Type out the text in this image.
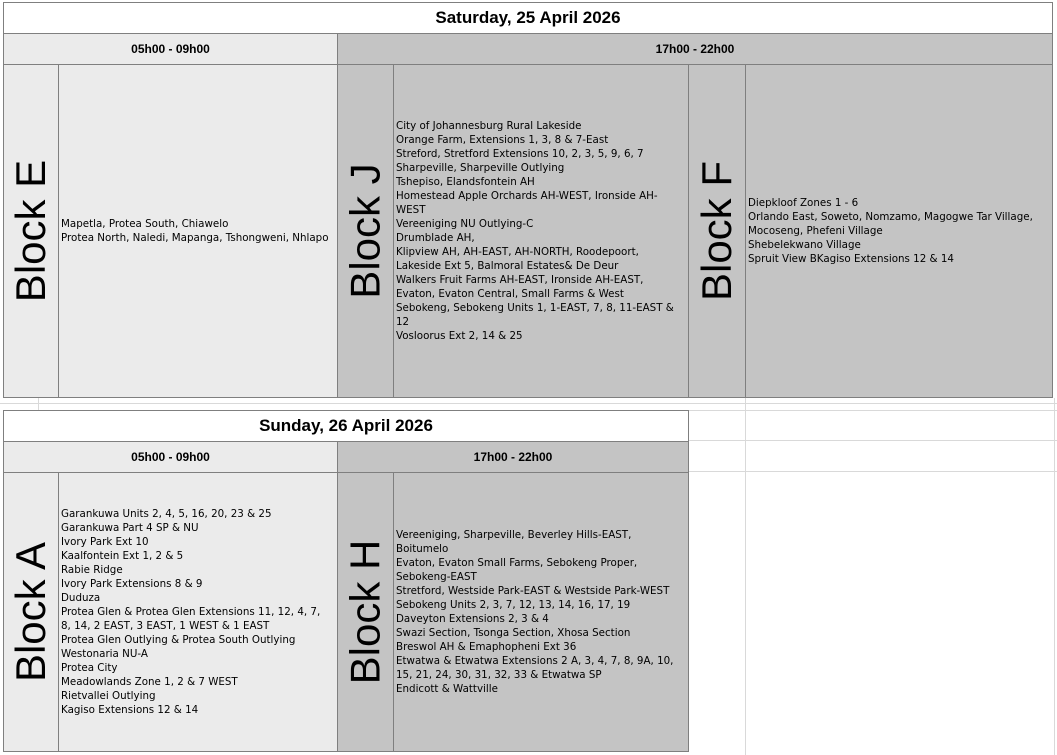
Saturday, 25 April 2026
05h00 - 09h00	17h00 - 22h00
Block E Mapetla, Protea South, Chiawelo
Protea North, Naledi, Mapanga, Tshongweni, Nhlapo Block J
City of Johannesburg Rural Lakeside
Orange Farm, Extensions 1, 3, 8 & 7-East
Streford, Stretford Extensions 10, 2, 3, 5, 9, 6, 7
Sharpeville, Sharpeville Outlying
Tshepiso, Elandsfontein AH
Homestead Apple Orchards AH-WEST, Ironside AH-WEST
Vereeniging NU Outlying-C
Drumblade AH,
Klipview AH, AH-EAST, AH-NORTH, Roodepoort, Lakeside Ext 5, Balmoral Estates& De Deur
Walkers Fruit Farms AH-EAST, Ironside AH-EAST, Evaton, Evaton Central, Small Farms & West
Sebokeng, Sebokeng Units 1, 1-EAST, 7, 8, 11-EAST & 12
Vosloorus Ext 2, 14 & 25
Block F Diepkloof Zones 1 - 6
Orlando East, Soweto, Nomzamo, Magogwe Tar Village, Mocoseng, Phefeni Village
Shebelekwano Village
Spruit View BKagiso Extensions 12 & 14
Sunday, 26 April 2026
05h00 - 09h00	17h00 - 22h00
Block A
Garankuwa Units 2, 4, 5, 16, 20, 23 & 25
Garankuwa Part 4 SP & NU
Ivory Park Ext 10
Kaalfontein Ext 1, 2 & 5
Rabie Ridge
Ivory Park Extensions 8 & 9
Duduza
Protea Glen & Protea Glen Extensions 11, 12, 4, 7, 8, 14, 2 EAST, 3 EAST, 1 WEST & 1 EAST
Protea Glen Outlying & Protea South Outlying
Westonaria NU-A
Protea City
Meadowlands Zone 1, 2 & 7 WEST
Rietvallei Outlying
Kagiso Extensions 12 & 14
Block H
Vereeniging, Sharpeville, Beverley Hills-EAST, Boitumelo
Evaton, Evaton Small Farms, Sebokeng Proper, Sebokeng-EAST
Stretford, Westside Park-EAST & Westside Park-WEST
Sebokeng Units 2, 3, 7, 12, 13, 14, 16, 17, 19
Daveyton Extensions 2, 3 & 4
Swazi Section, Tsonga Section, Xhosa Section
Breswol AH & Emaphopheni Ext 36
Etwatwa & Etwatwa Extensions 2 A, 3, 4, 7, 8, 9A, 10, 15, 21, 24, 30, 31, 32, 33 & Etwatwa SP
Endicott & Wattville
